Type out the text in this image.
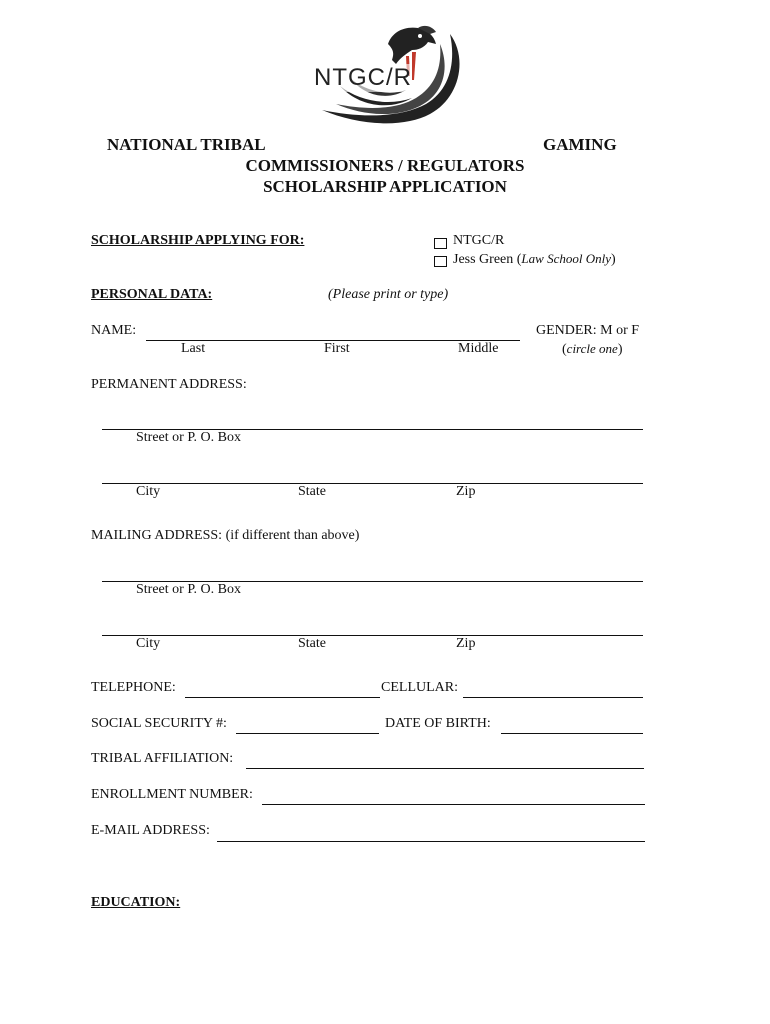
NTGC/R
NATIONAL TRIBAL	GAMING
COMMISSIONERS / REGULATORS
SCHOLARSHIP APPLICATION
SCHOLARSHIP APPLYING FOR:	NTGC/R
Jess Green (Law School Only)
PERSONAL DATA:	(Please print or type)
NAME:
Last	First	Middle
GENDER: M or F
(circle one)
PERMANENT ADDRESS:
Street or P. O. Box
City	State	Zip
MAILING ADDRESS: (if different than above)
Street or P. O. Box
City	State	Zip
TELEPHONE:	CELLULAR:
SOCIAL SECURITY #:	DATE OF BIRTH:
TRIBAL AFFILIATION:
ENROLLMENT NUMBER:
E-MAIL ADDRESS:
EDUCATION:
